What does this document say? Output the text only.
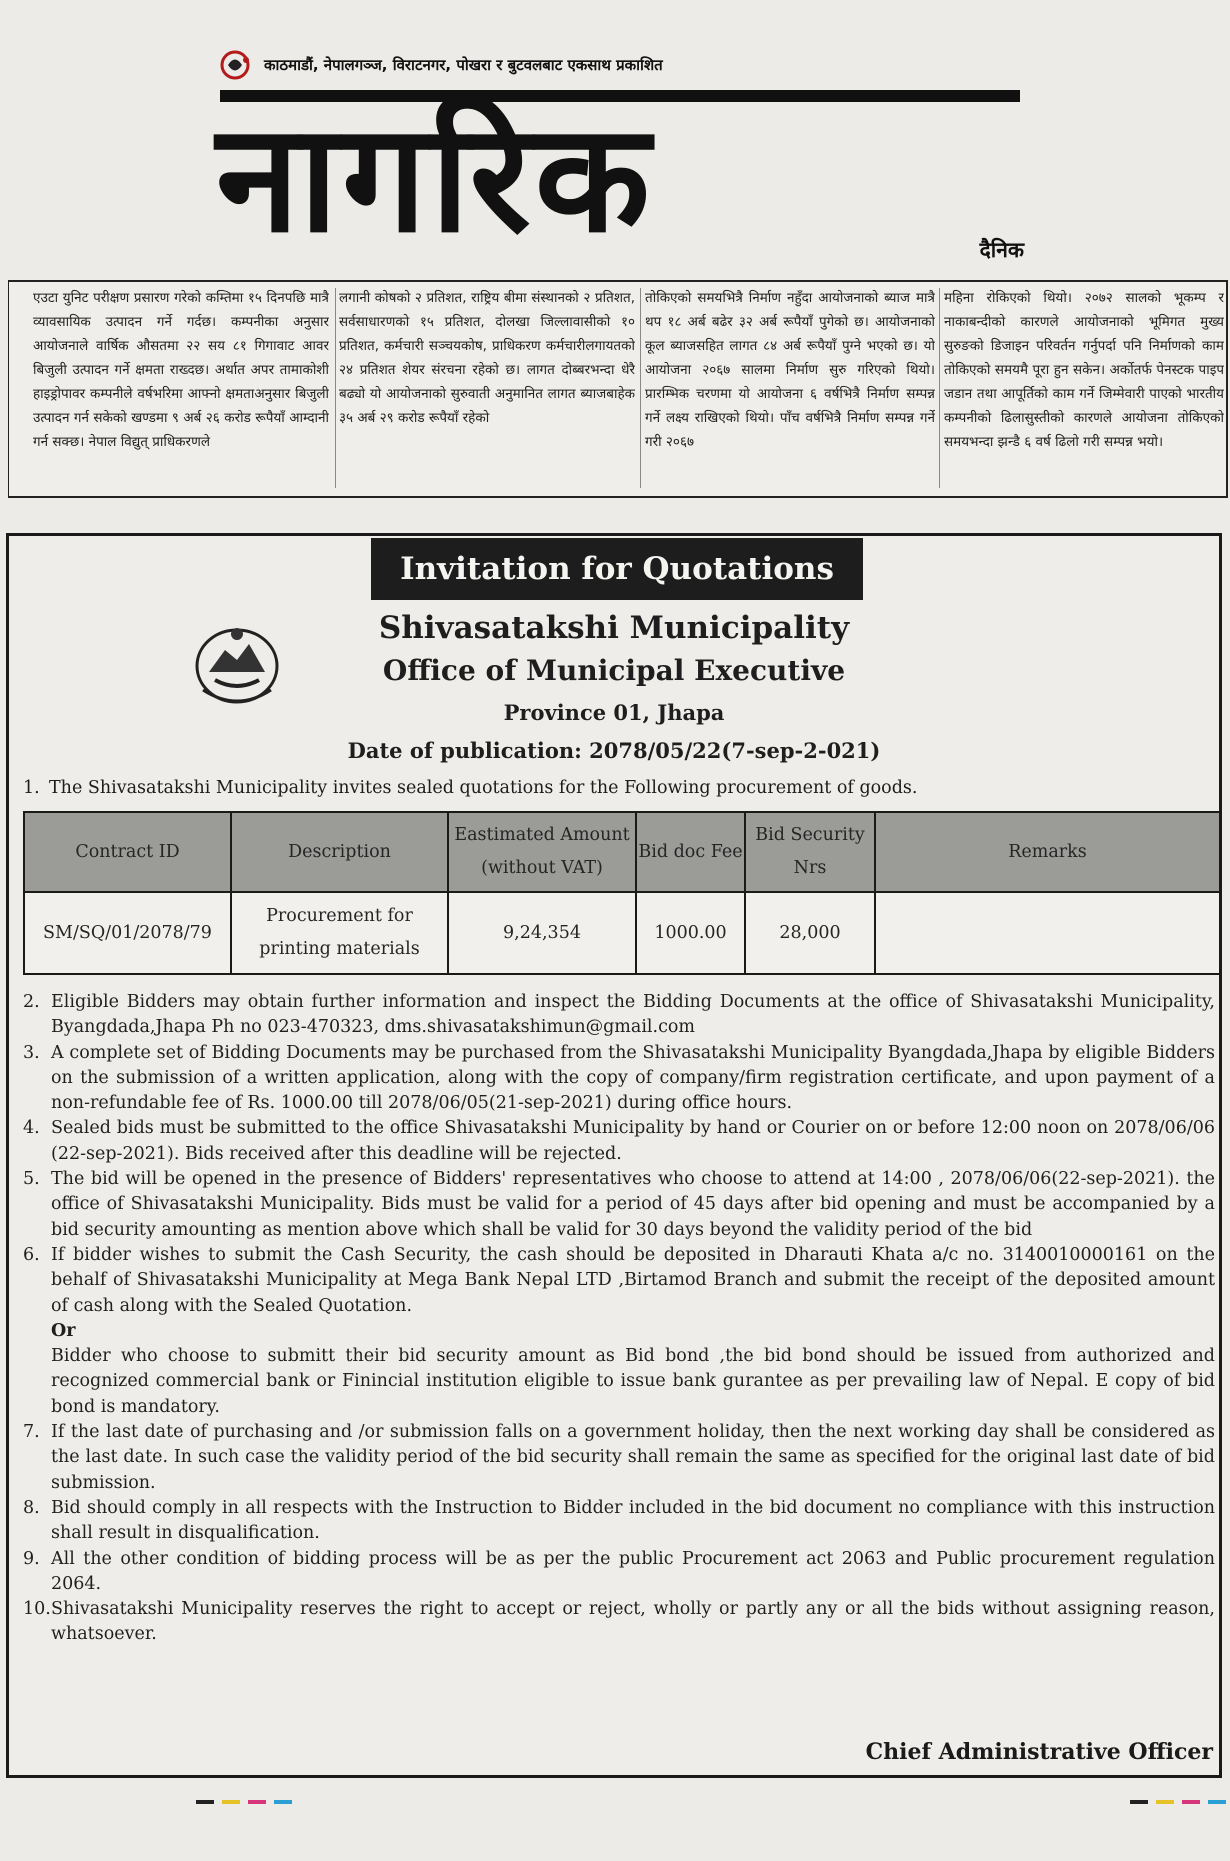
काठमाडौं, नेपालगञ्ज, विराटनगर, पोखरा र बुटवलबाट एकसाथ प्रकाशित
नागरिक	दैनिक
एउटा युनिट परीक्षण प्रसारण गरेको कम्तिमा १५ दिनपछि मात्रै व्यावसायिक उत्पादन गर्ने गर्दछ। कम्पनीका अनुसार आयोजनाले वार्षिक औसतमा २२ सय ८१ गिगावाट आवर बिजुली उत्पादन गर्ने क्षमता राख्दछ। अर्थात अपर तामाकोशी हाइड्रोपावर कम्पनीले वर्षभरिमा आफ्नो क्षमताअनुसार बिजुली उत्पादन गर्न सकेको खण्डमा ९ अर्ब २६ करोड रूपैयाँ आम्दानी गर्न सक्छ। नेपाल विद्युत् प्राधिकरणले
लगानी कोषको २ प्रतिशत, राष्ट्रिय बीमा संस्थानको २ प्रतिशत, सर्वसाधारणको १५ प्रतिशत, दोलखा जिल्लावासीको १० प्रतिशत, कर्मचारी सञ्चयकोष, प्राधिकरण कर्मचारीलगायतको २४ प्रतिशत शेयर संरचना रहेको छ। लागत दोब्बरभन्दा धेरै बढ्यो यो आयोजनाको सुरुवाती अनुमानित लागत ब्याजबाहेक ३५ अर्ब २९ करोड रूपैयाँ रहेको
तोकिएको समयभित्रै निर्माण नहुँदा आयोजनाको ब्याज मात्रै थप १८ अर्ब बढेर ३२ अर्ब रूपैयाँ पुगेको छ। आयोजनाको कूल ब्याजसहित लागत ८४ अर्ब रूपैयाँ पुग्ने भएको छ। यो आयोजना २०६७ सालमा निर्माण सुरु गरिएको थियो। प्रारम्भिक चरणमा यो आयोजना ६ वर्षभित्रै निर्माण सम्पन्न गर्ने लक्ष्य राखिएको थियो। पाँच वर्षभित्रै निर्माण सम्पन्न गर्ने गरी २०६७
महिना रोकिएको थियो। २०७२ सालको भूकम्प र नाकाबन्दीको कारणले आयोजनाको भूमिगत मुख्य सुरुङको डिजाइन परिवर्तन गर्नुपर्दा पनि निर्माणको काम तोकिएको समयमै पूरा हुन सकेन। अर्कोतर्फ पेनस्टक पाइप जडान तथा आपूर्तिको काम गर्ने जिम्मेवारी पाएको भारतीय कम्पनीको ढिलासुस्तीको कारणले आयोजना तोकिएको समयभन्दा झन्डै ६ वर्ष ढिलो गरी सम्पन्न भयो।
Invitation for Quotations
Shivasatakshi Municipality
Office of Municipal Executive
Province 01, Jhapa
Date of publication: 2078/05/22(7-sep-2-021)
1. The Shivasatakshi Municipality invites sealed quotations for the Following procurement of goods.
Contract ID	Description	Eastimated Amount (without VAT)	Bid doc Fee	Bid Security Nrs	Remarks
SM/SQ/01/2078/79	Procurement for printing materials	9,24,354	1000.00	28,000	
2. Eligible Bidders may obtain further information and inspect the Bidding Documents at the office of Shivasatakshi Municipality, Byangdada,Jhapa Ph no 023-470323, dms.shivasatakshimun@gmail.com
3. A complete set of Bidding Documents may be purchased from the Shivasatakshi Municipality Byangdada,Jhapa by eligible Bidders on the submission of a written application, along with the copy of company/firm registration certificate, and upon payment of a non-refundable fee of Rs. 1000.00 till 2078/06/05(21-sep-2021) during office hours.
4. Sealed bids must be submitted to the office Shivasatakshi Municipality by hand or Courier on or before 12:00 noon on 2078/06/06 (22-sep-2021). Bids received after this deadline will be rejected.
5. The bid will be opened in the presence of Bidders' representatives who choose to attend at 14:00 , 2078/06/06(22-sep-2021). the office of Shivasatakshi Municipality. Bids must be valid for a period of 45 days after bid opening and must be accompanied by a bid security amounting as mention above which shall be valid for 30 days beyond the validity period of the bid
6. If bidder wishes to submit the Cash Security, the cash should be deposited in Dharauti Khata a/c no. 3140010000161 on the behalf of Shivasatakshi Municipality at Mega Bank Nepal LTD ,Birtamod Branch and submit the receipt of the deposited amount of cash along with the Sealed Quotation.
Or
Bidder who choose to submitt their bid security amount as Bid bond ,the bid bond should be issued from authorized and recognized commercial bank or Finincial institution eligible to issue bank gurantee as per prevailing law of Nepal. E copy of bid bond is mandatory.
7. If the last date of purchasing and /or submission falls on a government holiday, then the next working day shall be considered as the last date. In such case the validity period of the bid security shall remain the same as specified for the original last date of bid submission.
8. Bid should comply in all respects with the Instruction to Bidder included in the bid document no compliance with this instruction shall result in disqualification.
9. All the other condition of bidding process will be as per the public Procurement act 2063 and Public procurement regulation 2064.
10. Shivasatakshi Municipality reserves the right to accept or reject, wholly or partly any or all the bids without assigning reason, whatsoever.
Chief Administrative Officer
